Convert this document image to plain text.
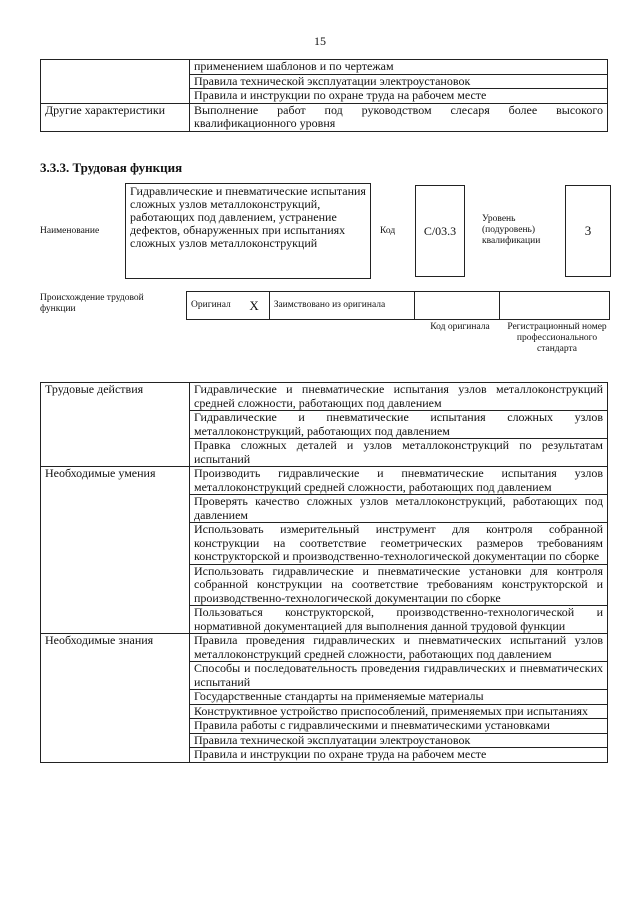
15
	применением шаблонов и по чертежам
	Правила технической эксплуатации электроустановок
	Правила и инструкции по охране труда на рабочем месте
Другие характеристики	Выполнение работ под руководством слесаря более высокого квалификационного уровня
3.3.3. Трудовая функция
Наименование
Гидравлические и пневматические испытания сложных узлов металлоконструкций, работающих под давлением, устранение дефектов, обнаруженных при испытаниях сложных узлов металлоконструкций
Код	C/03.3
Уровень (подуровень) квалификации
3
Происхождение трудовой функции	Оригинал	X	Заимствовано из оригинала		
Код оригинала	Регистрационный номер профессионального стандарта
Трудовые действия	Гидравлические и пневматические испытания узлов металлоконструкций средней сложности, работающих под давлением
	Гидравлические и пневматические испытания сложных узлов металлоконструкций, работающих под давлением
	Правка сложных деталей и узлов металлоконструкций по результатам испытаний
Необходимые умения	Производить гидравлические и пневматические испытания узлов металлоконструкций средней сложности, работающих под давлением
	Проверять качество сложных узлов металлоконструкций, работающих под давлением
	Использовать измерительный инструмент для контроля собранной конструкции на соответствие геометрических размеров требованиям конструкторской и производственно-технологической документации по сборке
	Использовать гидравлические и пневматические установки для контроля собранной конструкции на соответствие требованиям конструкторской и производственно-технологической документации по сборке
	Пользоваться конструкторской, производственно-технологической и нормативной документацией для выполнения данной трудовой функции
Необходимые знания	Правила проведения гидравлических и пневматических испытаний узлов металлоконструкций средней сложности, работающих под давлением
	Способы и последовательность проведения гидравлических и пневматических испытаний
	Государственные стандарты на применяемые материалы
	Конструктивное устройство приспособлений, применяемых при испытаниях
	Правила работы с гидравлическими и пневматическими установками
	Правила технической эксплуатации электроустановок
	Правила и инструкции по охране труда на рабочем месте
